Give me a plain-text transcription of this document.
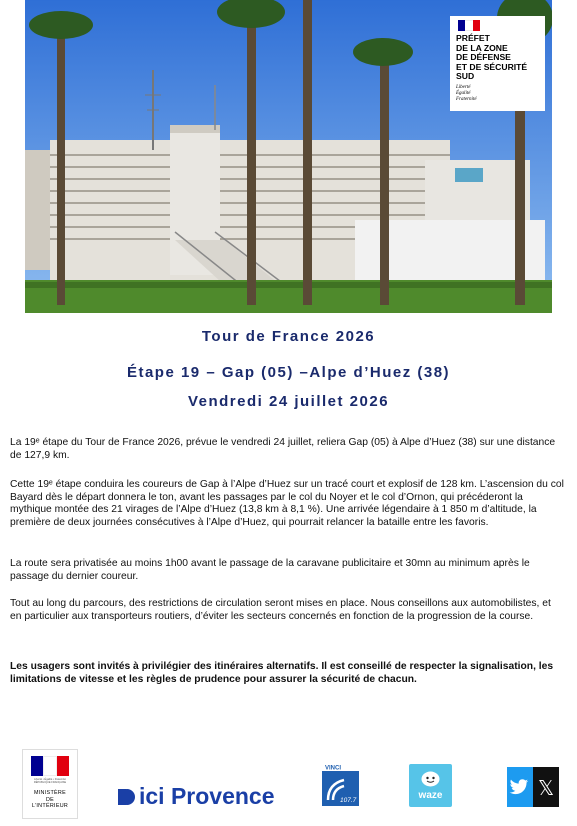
PRÉFET
DE LA ZONE
DE DÉFENSE
ET DE SÉCURITÉ
SUD
Liberté
Égalité
Fraternité
Tour de France 2026
Étape 19 – Gap (05) –Alpe d’Huez (38)
Vendredi 24 juillet 2026
La 19ᵉ étape du Tour de France 2026, prévue le vendredi 24 juillet, reliera Gap (05) à Alpe d’Huez (38) sur une distance de 127,9 km.
Cette 19ᵉ étape conduira les coureurs de Gap à l’Alpe d’Huez sur un tracé court et explosif de 128 km. L’ascension du col Bayard dès le départ donnera le ton, avant les passages par le col du Noyer et le col d’Ornon, qui précéderont la mythique montée des 21 virages de l’Alpe d’Huez (13,8 km à 8,1 %). Une arrivée légendaire à 1 850 m d’altitude, la première de deux journées consécutives à l’Alpe d’Huez, qui pourrait relancer la bataille entre les favoris.
La route sera privatisée au moins 1h00 avant le passage de la caravane publicitaire et 30mn au minimum après le passage du dernier coureur.
Tout au long du parcours, des restrictions de circulation seront mises en place. Nous conseillons aux automobilistes, et en particulier aux transporteurs routiers, d’éviter les secteurs concernés en fonction de la progression de la course.
Les usagers sont invités à privilégier des itinéraires alternatifs. Il est conseillé de respecter la signalisation, les limitations de vitesse et les règles de prudence pour assurer la sécurité de chacun.
Liberté • Égalité • Fraternité
RÉPUBLIQUE FRANÇAISE
MINISTÈRE
DE
L’INTÉRIEUR	ici Provence
VINCI
107.7	waze	𝕏
